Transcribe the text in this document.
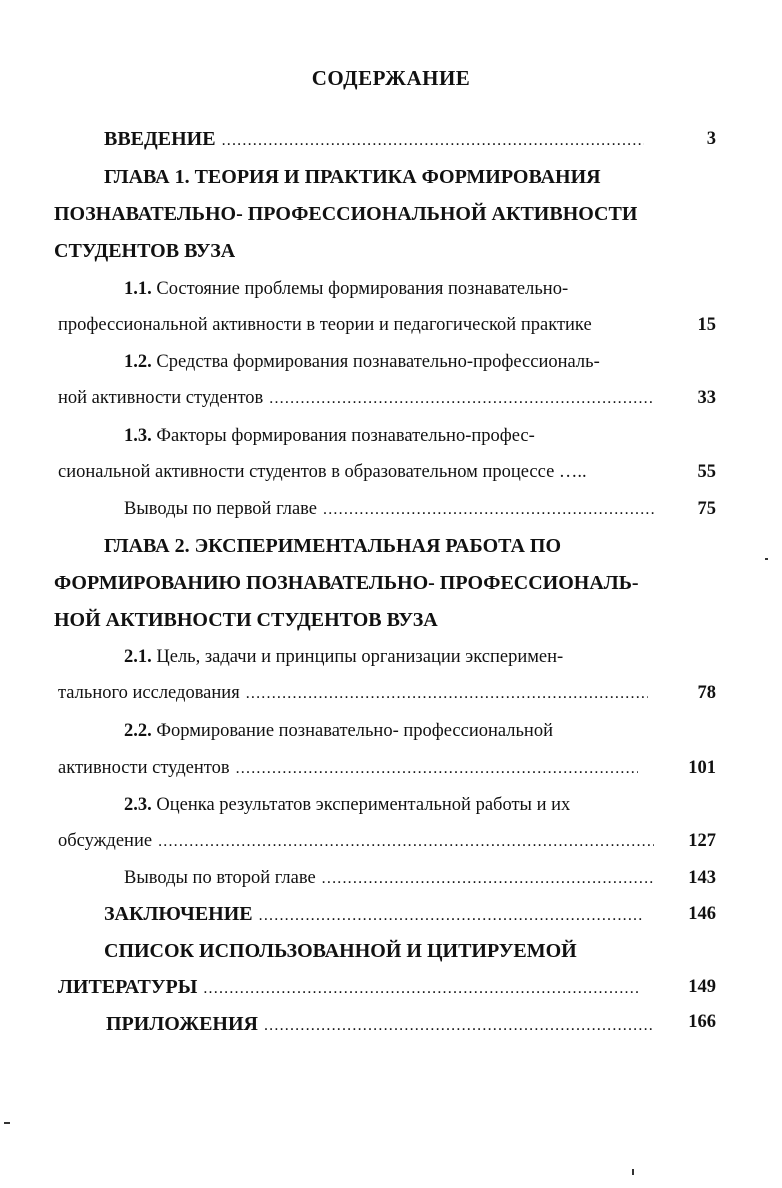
СОДЕРЖАНИЕ
ВВЕДЕНИЕ .....	3
ГЛАВА 1. ТЕОРИЯ И ПРАКТИКА ФОРМИРОВАНИЯ
ПОЗНАВАТЕЛЬНО- ПРОФЕССИОНАЛЬНОЙ АКТИВНОСТИ
СТУДЕНТОВ ВУЗА
1.1. Состояние проблемы формирования познавательно-
профессиональной активности в теории и педагогической практике	15
1.2. Средства формирования познавательно-профессиональ-
ной активности студентов .....	33
1.3. Факторы формирования познавательно-профес-
сиональной активности студентов в образовательном процессе …..	55
Выводы по первой главе .....	75
ГЛАВА 2. ЭКСПЕРИМЕНТАЛЬНАЯ РАБОТА ПО
ФОРМИРОВАНИЮ ПОЗНАВАТЕЛЬНО- ПРОФЕССИОНАЛЬ-
НОЙ АКТИВНОСТИ СТУДЕНТОВ ВУЗА
2.1. Цель, задачи и принципы организации эксперимен-
тального исследования .....	78
2.2. Формирование познавательно- профессиональной
активности студентов .....	101
2.3. Оценка результатов экспериментальной работы и их
обсуждение .....	127
Выводы по второй главе .....	143
ЗАКЛЮЧЕНИЕ .....	146
СПИСОК ИСПОЛЬЗОВАННОЙ И ЦИТИРУЕМОЙ
ЛИТЕРАТУРЫ .....	149
ПРИЛОЖЕНИЯ .....	166
